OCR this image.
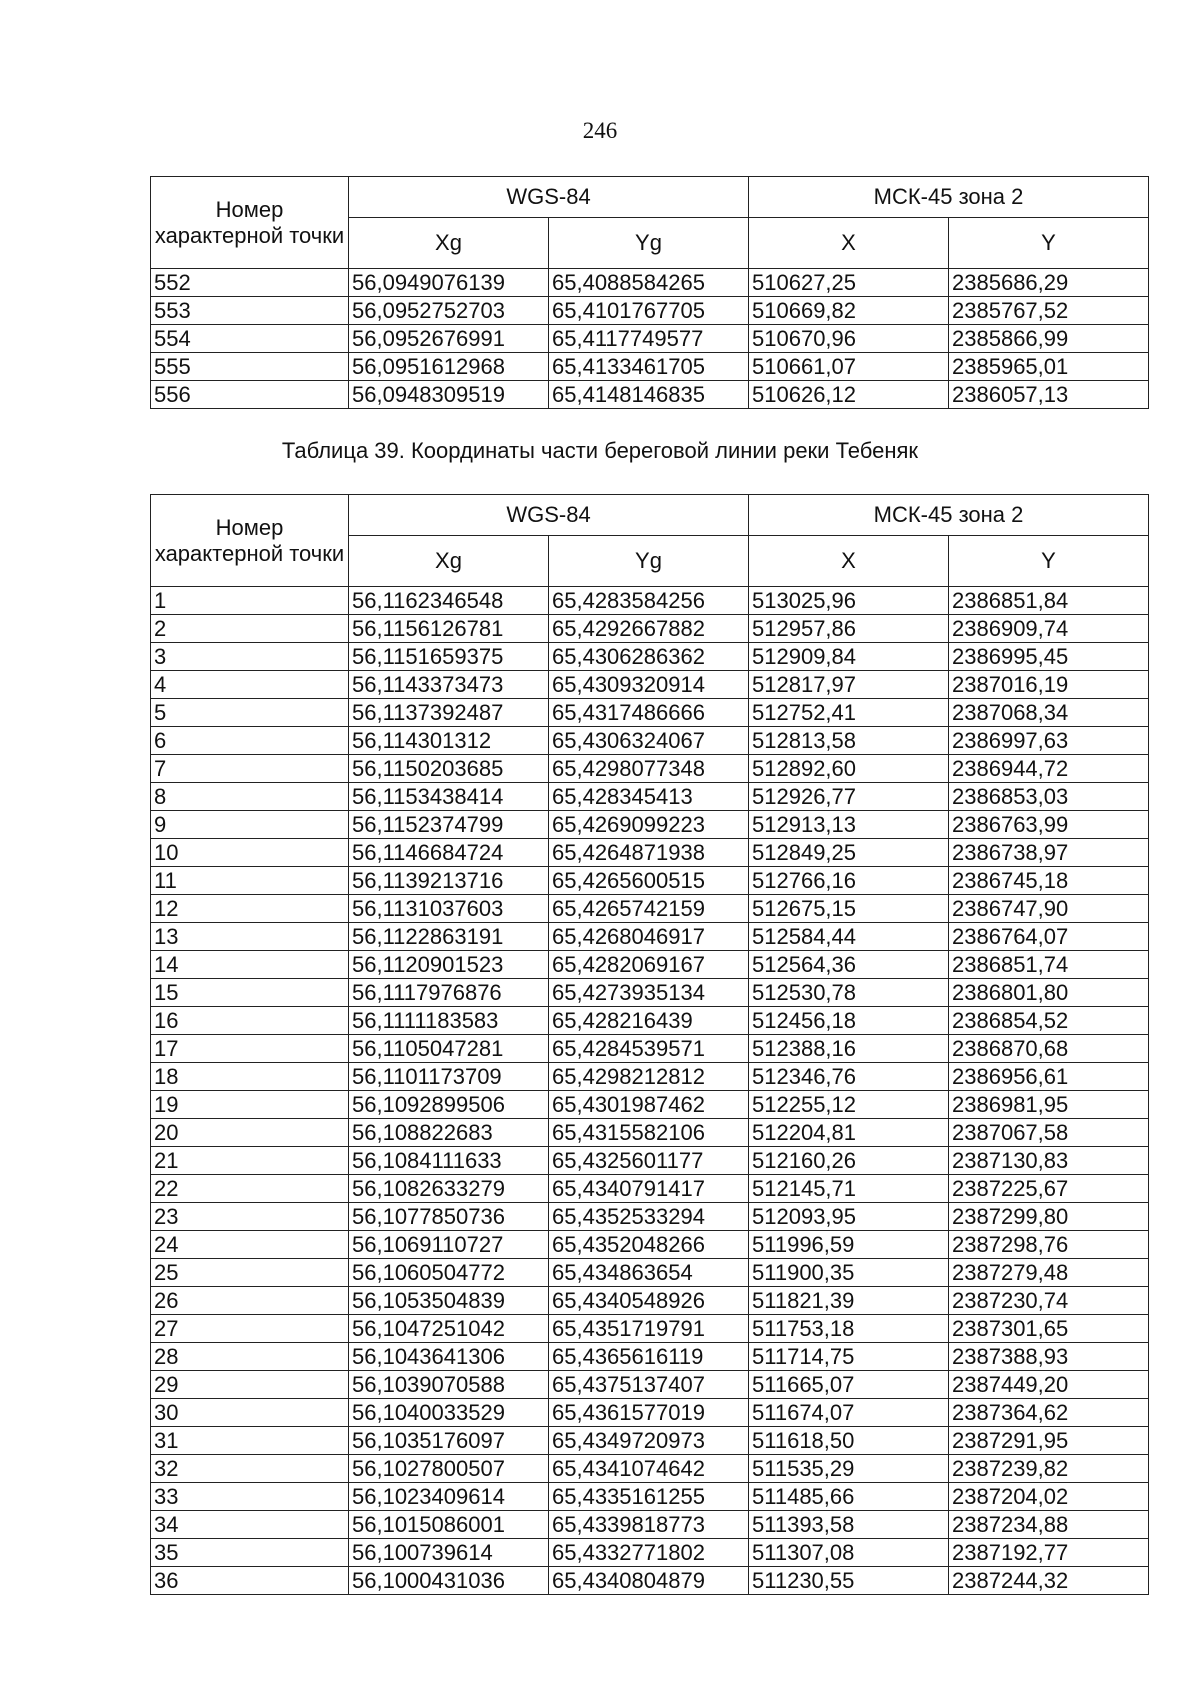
246
Номер характерной точки	WGS-84		МСК-45 зона 2	
	Xg	Yg	X	Y
552	56,0949076139	65,4088584265	510627,25	2385686,29
553	56,0952752703	65,4101767705	510669,82	2385767,52
554	56,0952676991	65,4117749577	510670,96	2385866,99
555	56,0951612968	65,4133461705	510661,07	2385965,01
556	56,0948309519	65,4148146835	510626,12	2386057,13
Таблица 39. Координаты части береговой линии реки Тебеняк
Номер характерной точки	WGS-84		МСК-45 зона 2	
	Xg	Yg	X	Y
1	56,1162346548	65,4283584256	513025,96	2386851,84
2	56,1156126781	65,4292667882	512957,86	2386909,74
3	56,1151659375	65,4306286362	512909,84	2386995,45
4	56,1143373473	65,4309320914	512817,97	2387016,19
5	56,1137392487	65,4317486666	512752,41	2387068,34
6	56,114301312	65,4306324067	512813,58	2386997,63
7	56,1150203685	65,4298077348	512892,60	2386944,72
8	56,1153438414	65,428345413	512926,77	2386853,03
9	56,1152374799	65,4269099223	512913,13	2386763,99
10	56,1146684724	65,4264871938	512849,25	2386738,97
11	56,1139213716	65,4265600515	512766,16	2386745,18
12	56,1131037603	65,4265742159	512675,15	2386747,90
13	56,1122863191	65,4268046917	512584,44	2386764,07
14	56,1120901523	65,4282069167	512564,36	2386851,74
15	56,1117976876	65,4273935134	512530,78	2386801,80
16	56,1111183583	65,428216439	512456,18	2386854,52
17	56,1105047281	65,4284539571	512388,16	2386870,68
18	56,1101173709	65,4298212812	512346,76	2386956,61
19	56,1092899506	65,4301987462	512255,12	2386981,95
20	56,108822683	65,4315582106	512204,81	2387067,58
21	56,1084111633	65,4325601177	512160,26	2387130,83
22	56,1082633279	65,4340791417	512145,71	2387225,67
23	56,1077850736	65,4352533294	512093,95	2387299,80
24	56,1069110727	65,4352048266	511996,59	2387298,76
25	56,1060504772	65,434863654	511900,35	2387279,48
26	56,1053504839	65,4340548926	511821,39	2387230,74
27	56,1047251042	65,4351719791	511753,18	2387301,65
28	56,1043641306	65,4365616119	511714,75	2387388,93
29	56,1039070588	65,4375137407	511665,07	2387449,20
30	56,1040033529	65,4361577019	511674,07	2387364,62
31	56,1035176097	65,4349720973	511618,50	2387291,95
32	56,1027800507	65,4341074642	511535,29	2387239,82
33	56,1023409614	65,4335161255	511485,66	2387204,02
34	56,1015086001	65,4339818773	511393,58	2387234,88
35	56,100739614	65,4332771802	511307,08	2387192,77
36	56,1000431036	65,4340804879	511230,55	2387244,32
